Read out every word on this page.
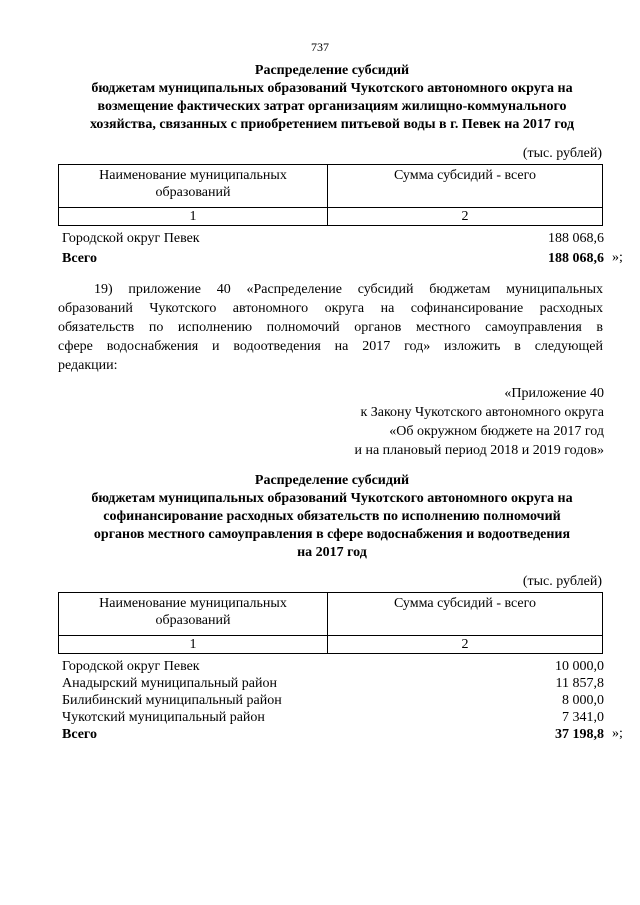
737
Распределение субсидий
бюджетам муниципальных образований Чукотского автономного округа на
возмещение фактических затрат организациям жилищно-коммунального
хозяйства, связанных с приобретением питьевой воды в г. Певек на 2017 год
(тыс. рублей)
Наименование муниципальных
образований	Сумма субсидий - всего
1	2
Городской округ Певек	188 068,6
Всего	188 068,6 »;
19) приложение 40 «Распределение субсидий бюджетам муниципальных
образований Чукотского автономного округа на софинансирование расходных
обязательств по исполнению полномочий органов местного самоуправления в
сфере водоснабжения и водоотведения на 2017 год» изложить в следующей
редакции:
«Приложение 40
к Закону Чукотского автономного округа
«Об окружном бюджете на 2017 год
и на плановый период 2018 и 2019 годов»
Распределение субсидий
бюджетам муниципальных образований Чукотского автономного округа на
софинансирование расходных обязательств по исполнению полномочий
органов местного самоуправления в сфере водоснабжения и водоотведения
на 2017 год
(тыс. рублей)
Наименование муниципальных
образований	Сумма субсидий - всего
1	2
Городской округ Певек	10 000,0
Анадырский муниципальный район	11 857,8
Билибинский муниципальный район	8 000,0
Чукотский муниципальный район	7 341,0
Всего	37 198,8 »;
